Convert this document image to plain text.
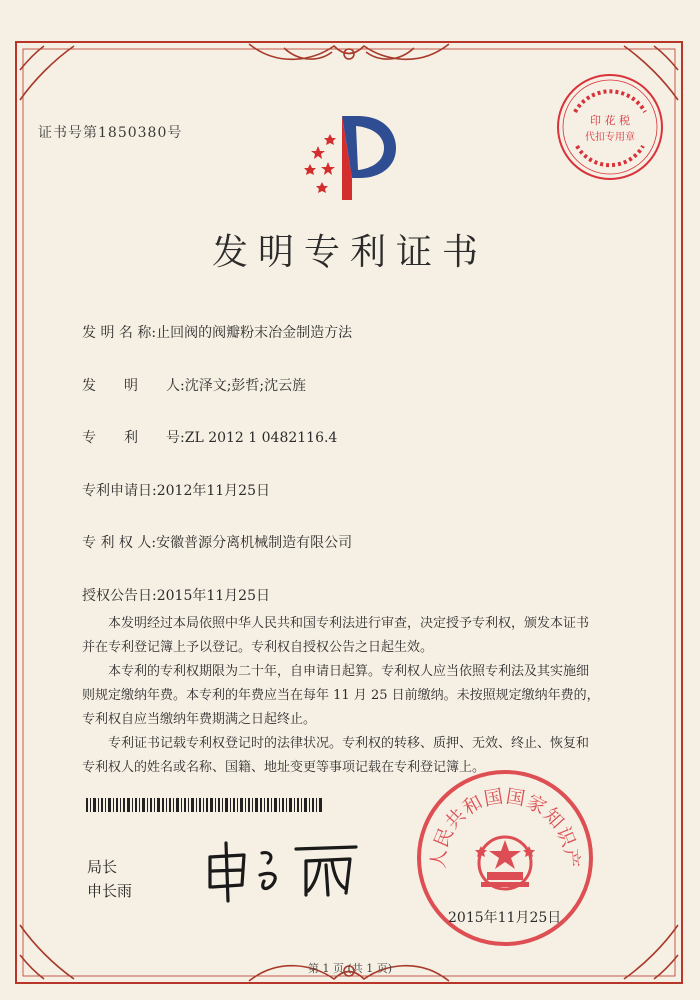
证书号第1850380号
印 花 税
代扣专用章
发明专利证书
发 明 名 称:止回阀的阀瓣粉末冶金制造方法
发　　明　　人:沈泽文;彭哲;沈云旌
专　　利　　号:ZL 2012 1 0482116.4
专利申请日:2012年11月25日
专 利 权 人:安徽普源分离机械制造有限公司
授权公告日:2015年11月25日

本发明经过本局依照中华人民共和国专利法进行审查，决定授予专利权，颁发本证书

并在专利登记簿上予以登记。专利权自授权公告之日起生效。

本专利的专利权期限为二十年，自申请日起算。专利权人应当依照专利法及其实施细

则规定缴纳年费。本专利的年费应当在每年 11 月 25 日前缴纳。未按照规定缴纳年费的，

专利权自应当缴纳年费期满之日起终止。

专利证书记载专利权登记时的法律状况。专利权的转移、质押、无效、终止、恢复和

专利权人的姓名或名称、国籍、地址变更等事项记载在专利登记簿上。

局长
申长雨
人民共和国国家知识产
2015年11月25日
第 1 页 (共 1 页)
